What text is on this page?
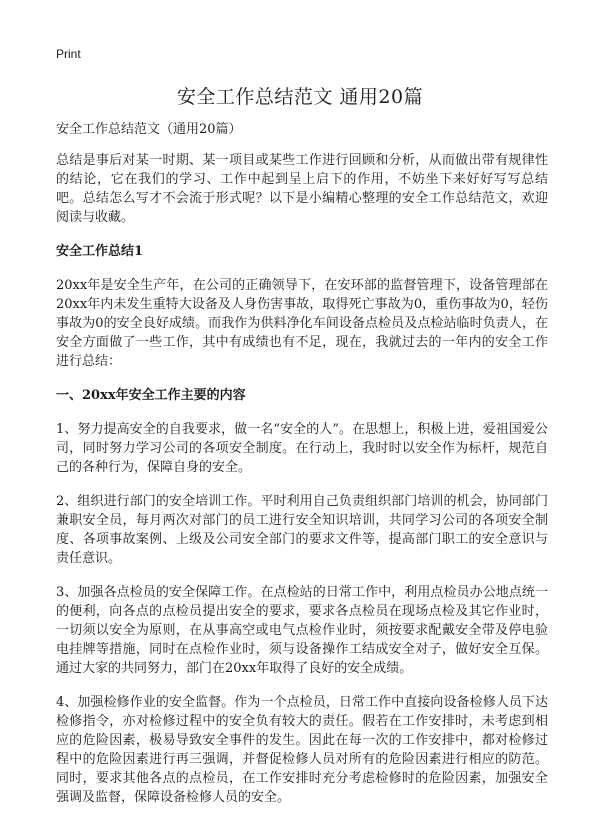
Print

安全工作总结范文 通用20篇

安全工作总结范文（通用20篇）

总结是事后对某一时期、某一项目或某些工作进行回顾和分析，从而做出带有规律性的结论，它在我们的学习、工作中起到呈上启下的作用，不妨坐下来好好写写总结吧。总结怎么写才不会流于形式呢？以下是小编精心整理的安全工作总结范文，欢迎阅读与收藏。

安全工作总结1

20xx年是安全生产年，在公司的正确领导下，在安环部的监督管理下，设备管理部在20xx年内未发生重特大设备及人身伤害事故，取得死亡事故为0，重伤事故为0，轻伤事故为0的安全良好成绩。而我作为供料净化车间设备点检员及点检站临时负责人，在安全方面做了一些工作，其中有成绩也有不足，现在，我就过去的一年内的安全工作进行总结：

一、20xx年安全工作主要的内容

1、努力提高安全的自我要求，做一名“安全的人”。在思想上，积极上进，爱祖国爱公司，同时努力学习公司的各项安全制度。在行动上，我时时以安全作为标杆，规范自己的各种行为，保障自身的安全。

2、组织进行部门的安全培训工作。平时利用自己负责组织部门培训的机会，协同部门兼职安全员，每月两次对部门的员工进行安全知识培训，共同学习公司的各项安全制度、各项事故案例、上级及公司安全部门的要求文件等，提高部门职工的安全意识与责任意识。

3、加强各点检员的安全保障工作。在点检站的日常工作中，利用点检员办公地点统一的便利，向各点的点检员提出安全的要求，要求各点检员在现场点检及其它作业时，一切须以安全为原则，在从事高空或电气点检作业时，须按要求配戴安全带及停电验电挂牌等措施，同时在点检作业时，须与设备操作工结成安全对子，做好安全互保。通过大家的共同努力，部门在20xx年取得了良好的安全成绩。

4、加强检修作业的安全监督。作为一个点检员，日常工作中直接向设备检修人员下达检修指令，亦对检修过程中的安全负有较大的责任。假若在工作安排时，未考虑到相应的危险因素，极易导致安全事件的发生。因此在每一次的工作安排中，都对检修过程中的危险因素进行再三强调，并督促检修人员对所有的危险因素进行相应的防范。同时，要求其他各点的点检员，在工作安排时充分考虑检修时的危险因素，加强安全强调及监督，保障设备检修人员的安全。
